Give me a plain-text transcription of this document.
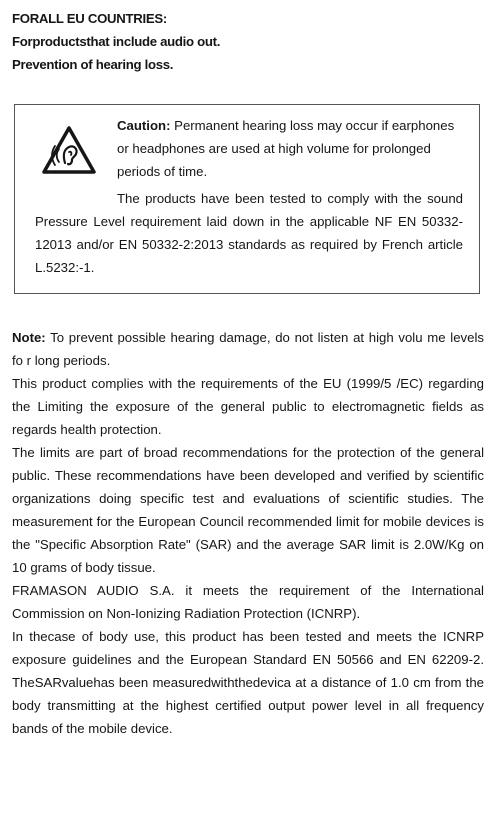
FORALL EU COUNTRIES:
Forproductsthat include audio out.
Prevention of hearing loss.

Caution: Permanent hearing loss may occur if earphones or headphones are used at high volume for prolonged periods of time.

The products have been tested to comply with the sound Pressure Level requirement laid down in the applicable NF EN 50332-12013 and/or EN 50332-2:2013 standards as required by French article L.5232:-1.

Note: To prevent possible hearing damage, do not listen at high volu me levels fo r long periods.

This product complies with the requirements of the EU (1999/5 /EC) regarding the Limiting the exposure of the general public to electromagnetic fields as regards health protection.

The limits are part of broad recommendations for the protection of the general public. These recommendations have been developed and verified by scientific organizations doing specific test and evaluations of scientific studies. The measurement for the European Council recommended limit for mobile devices is the "Specific Absorption Rate" (SAR) and the average SAR limit is 2.0W/Kg on 10 grams of body tissue.

FRAMASON AUDIO S.A. it meets the requirement of the International Commission on Non-Ionizing Radiation Protection (ICNRP).

In thecase of body use, this product has been tested and meets the ICNRP exposure guidelines and the European Standard EN 50566 and EN 62209-2. TheSARvaluehas been measuredwiththedevica at a distance of 1.0 cm from the body transmitting at the highest certified output power level in all frequency bands of the mobile device.
